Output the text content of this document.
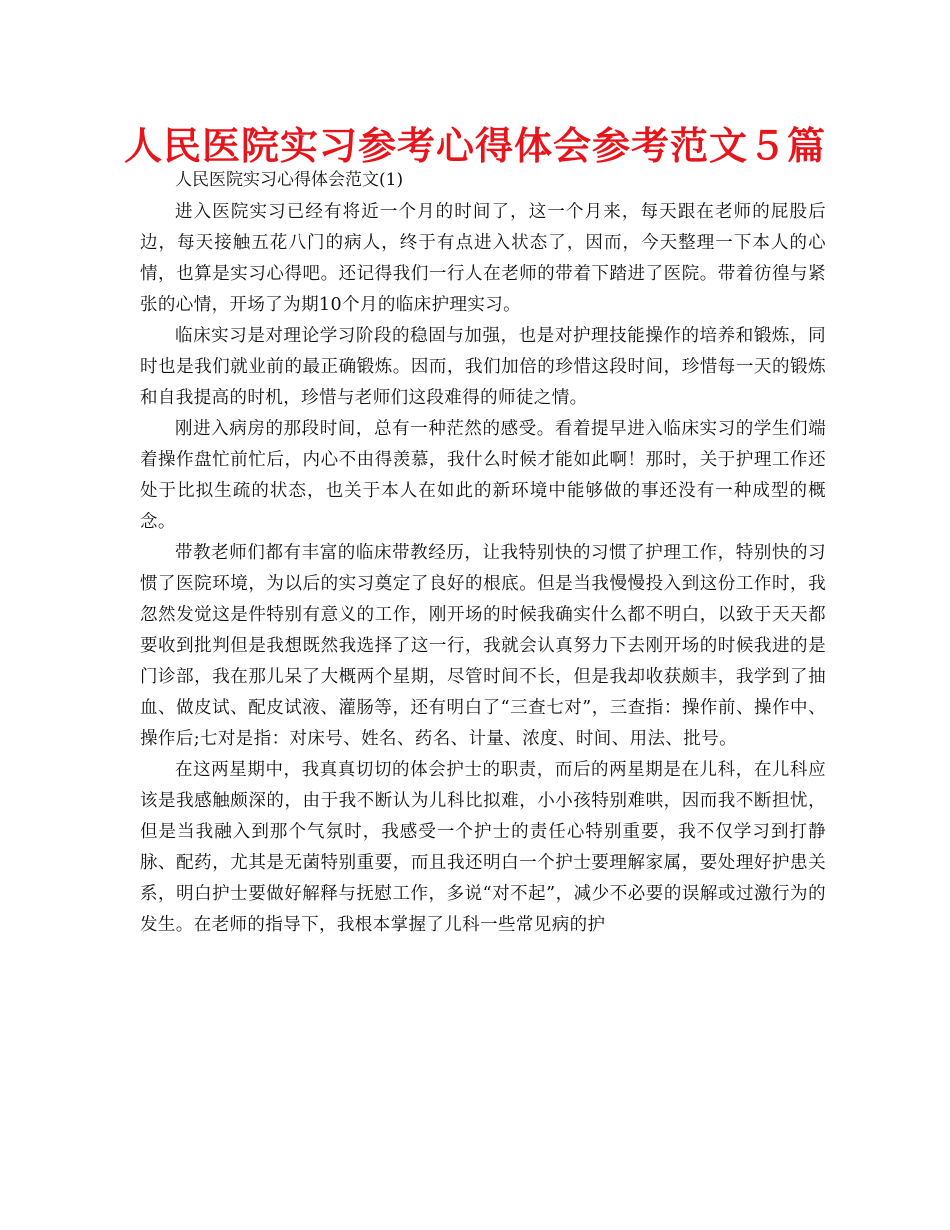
人民医院实习参考心得体会参考范文５篇

人民医院实习心得体会范文(1)

进入医院实习已经有将近一个月的时间了，这一个月来，每天跟在老师的屁股后边，每天接触五花八门的病人，终于有点进入状态了，因而，今天整理一下本人的心情，也算是实习心得吧。还记得我们一行人在老师的带着下踏进了医院。带着彷徨与紧张的心情，开场了为期10个月的临床护理实习。

临床实习是对理论学习阶段的稳固与加强，也是对护理技能操作的培养和锻炼，同时也是我们就业前的最正确锻炼。因而，我们加倍的珍惜这段时间，珍惜每一天的锻炼和自我提高的时机，珍惜与老师们这段难得的师徒之情。

刚进入病房的那段时间，总有一种茫然的感受。看着提早进入临床实习的学生们端着操作盘忙前忙后，内心不由得羡慕，我什么时候才能如此啊！那时，关于护理工作还处于比拟生疏的状态，也关于本人在如此的新环境中能够做的事还没有一种成型的概念。

带教老师们都有丰富的临床带教经历，让我特别快的习惯了护理工作，特别快的习惯了医院环境，为以后的实习奠定了良好的根底。但是当我慢慢投入到这份工作时，我忽然发觉这是件特别有意义的工作，刚开场的时候我确实什么都不明白，以致于天天都要收到批判但是我想既然我选择了这一行，我就会认真努力下去刚开场的时候我进的是门诊部，我在那儿呆了大概两个星期，尽管时间不长，但是我却收获颇丰，我学到了抽血、做皮试、配皮试液、灌肠等，还有明白了“三查七对”，三查指：操作前、操作中、操作后;七对是指：对床号、姓名、药名、计量、浓度、时间、用法、批号。

在这两星期中，我真真切切的体会护士的职责，而后的两星期是在儿科，在儿科应该是我感触颇深的，由于我不断认为儿科比拟难，小小孩特别难哄，因而我不断担忧，但是当我融入到那个气氛时，我感受一个护士的责任心特别重要，我不仅学习到打静脉、配药，尤其是无菌特别重要，而且我还明白一个护士要理解家属，要处理好护患关系，明白护士要做好解释与抚慰工作，多说“对不起”，减少不必要的误解或过激行为的发生。在老师的指导下，我根本掌握了儿科一些常见病的护
